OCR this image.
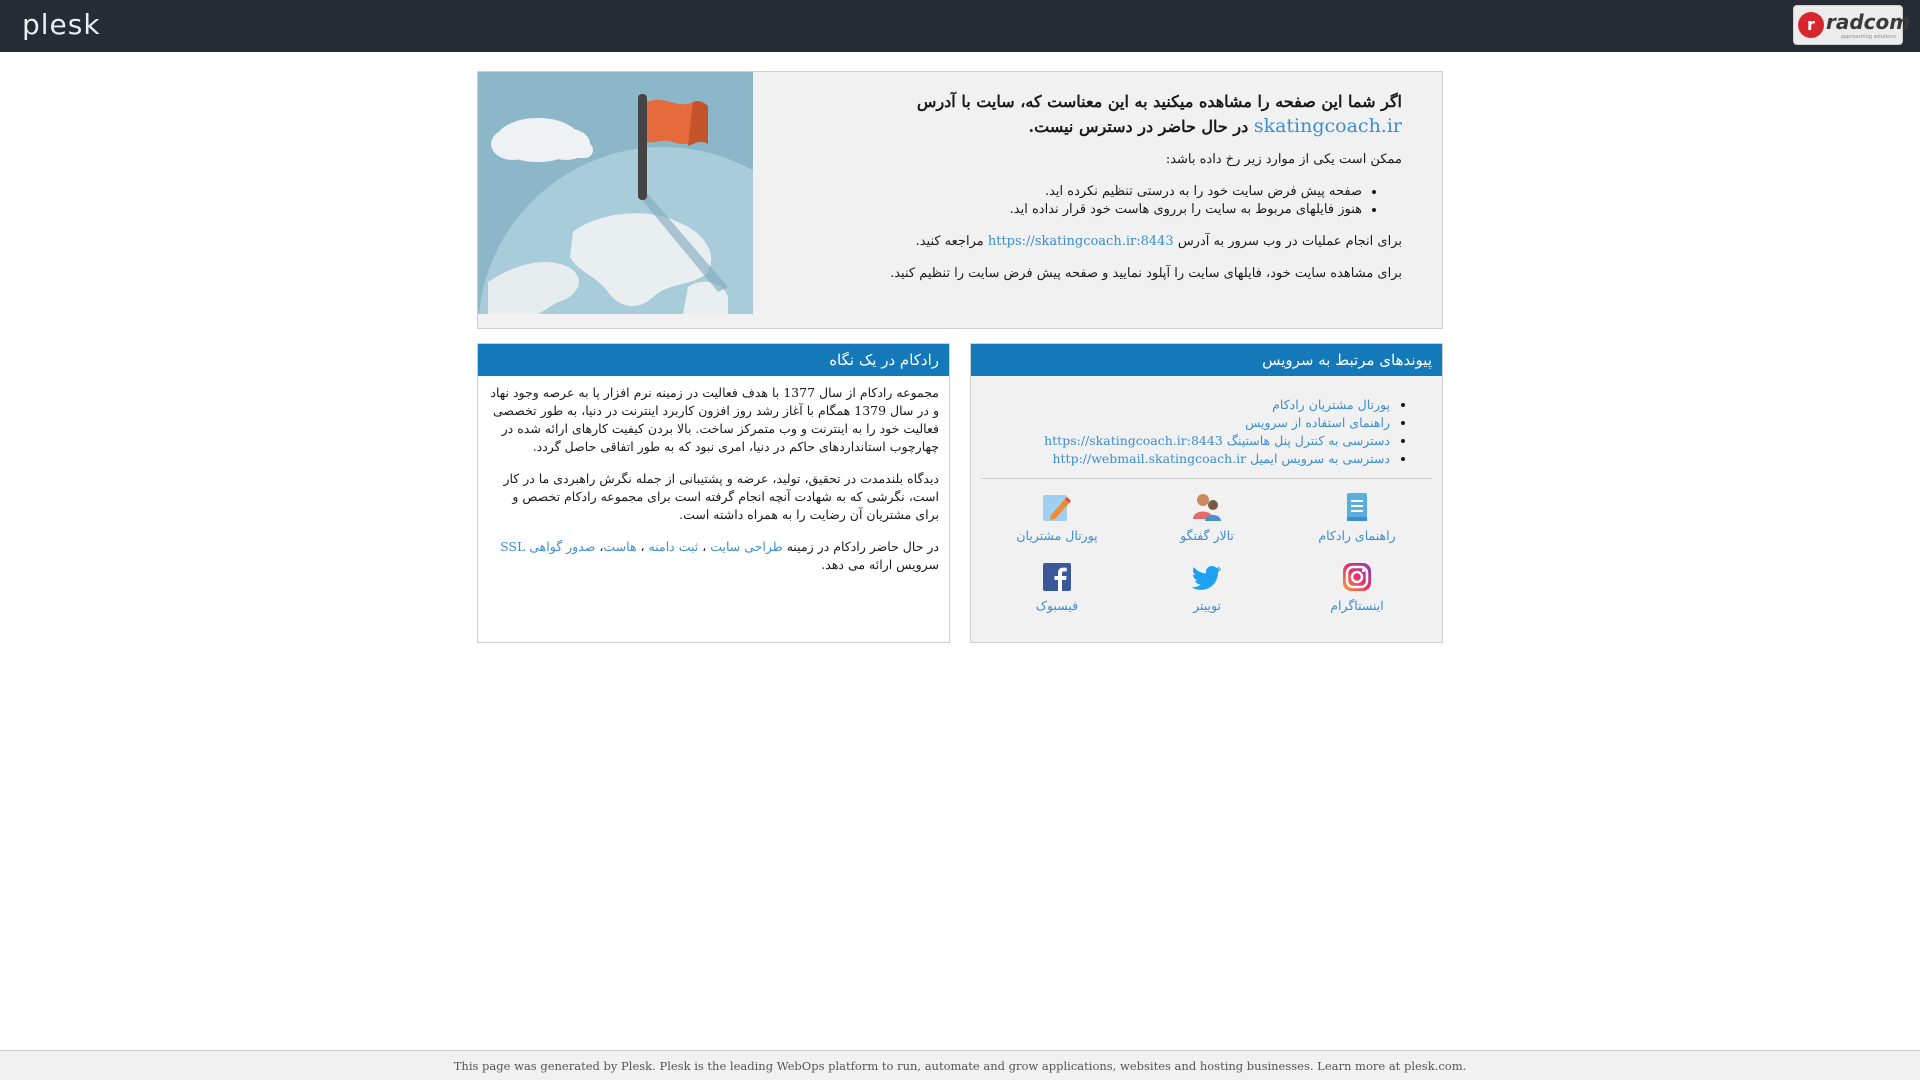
plesk	r radcom
approaching solutions
اگر شما این صفحه را مشاهده میکنید به این معناست که، سایت با آدرس skatingcoach.ir در حال حاضر در دسترس نیست.

ممکن است یکی از موارد زیر رخ داده باشد:

• صفحه پیش فرض سایت خود را به درستی تنظیم نکرده اید.
• هنوز فایلهای مربوط به سایت را برروی هاست خود قرار نداده اید.

برای انجام عملیات در وب سرور به آدرس https://skatingcoach.ir:8443 مراجعه کنید.

برای مشاهده سایت خود، فایلهای سایت را آپلود نمایید و صفحه پیش فرض سایت را تنظیم کنید.

رادکام در یک نگاه

مجموعه رادکام از سال 1377 با هدف فعالیت در زمینه نرم افزار پا به عرصه وجود نهاد و در سال 1379 همگام با آغاز رشد روز افزون کاربرد اینترنت در دنیا، به طور تخصصی فعالیت خود را به اینترنت و وب متمرکز ساخت. بالا بردن کیفیت کارهای ارائه شده در چهارچوب استانداردهای حاکم در دنیا، امری نبود که به طور اتفاقی حاصل گردد.

دیدگاه بلندمدت در تحقیق، تولید، عرضه و پشتیبانی از جمله نگرش راهبردی ما در کار است، نگرشی که به شهادت آنچه انجام گرفته است برای مجموعه رادکام تخصص و برای مشتریان آن رضایت را به همراه داشته است.

در حال حاضر رادکام در زمینه طراحی سایت ، ثبت دامنه ، هاست، صدور گواهی SSL سرویس ارائه می دهد.

پیوندهای مرتبط به سرویس
• پورتال مشتریان رادکام
• راهنمای استفاده از سرویس
• دسترسی به کنترل پنل هاستینگ https://skatingcoach.ir:8443
• دسترسی به سرویس ایمیل http://webmail.skatingcoach.ir
راهنمای رادکام
تالار گفتگو
پورتال مشتریان
اینستاگرام
توییتر
فیسبوک
This page was generated by Plesk. Plesk is the leading WebOps platform to run, automate and grow applications, websites and hosting businesses. Learn more at plesk.com.
